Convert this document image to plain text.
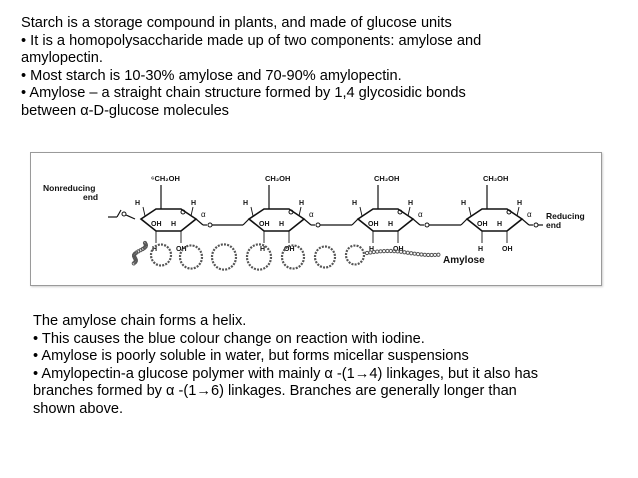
Starch is a storage compound in plants, and made of glucose units

• It is a homopolysaccharide made up of two components: amylose and

amylopectin.

• Most starch is 10-30% amylose and 70-90% amylopectin.

• Amylose – a straight chain structure formed by 1,4 glycosidic bonds

between α-D-glucose molecules

Nonreducing
end
Reducing
end
⁶CH₂OH
H	H
OH H
H	OH
α
CH₂OH
H	H
OH H
H	OH
α
CH₂OH
H	H
OH H
H	OH
α
CH₂OH
H	H
OH H
H	OH
α
Amylose

The amylose chain forms a helix.

• This causes the blue colour change on reaction with iodine.

• Amylose is poorly soluble in water, but forms micellar suspensions

• Amylopectin-a glucose polymer with mainly α -(1→4) linkages, but it also has

branches formed by α -(1→6) linkages. Branches are generally longer than

shown above.
